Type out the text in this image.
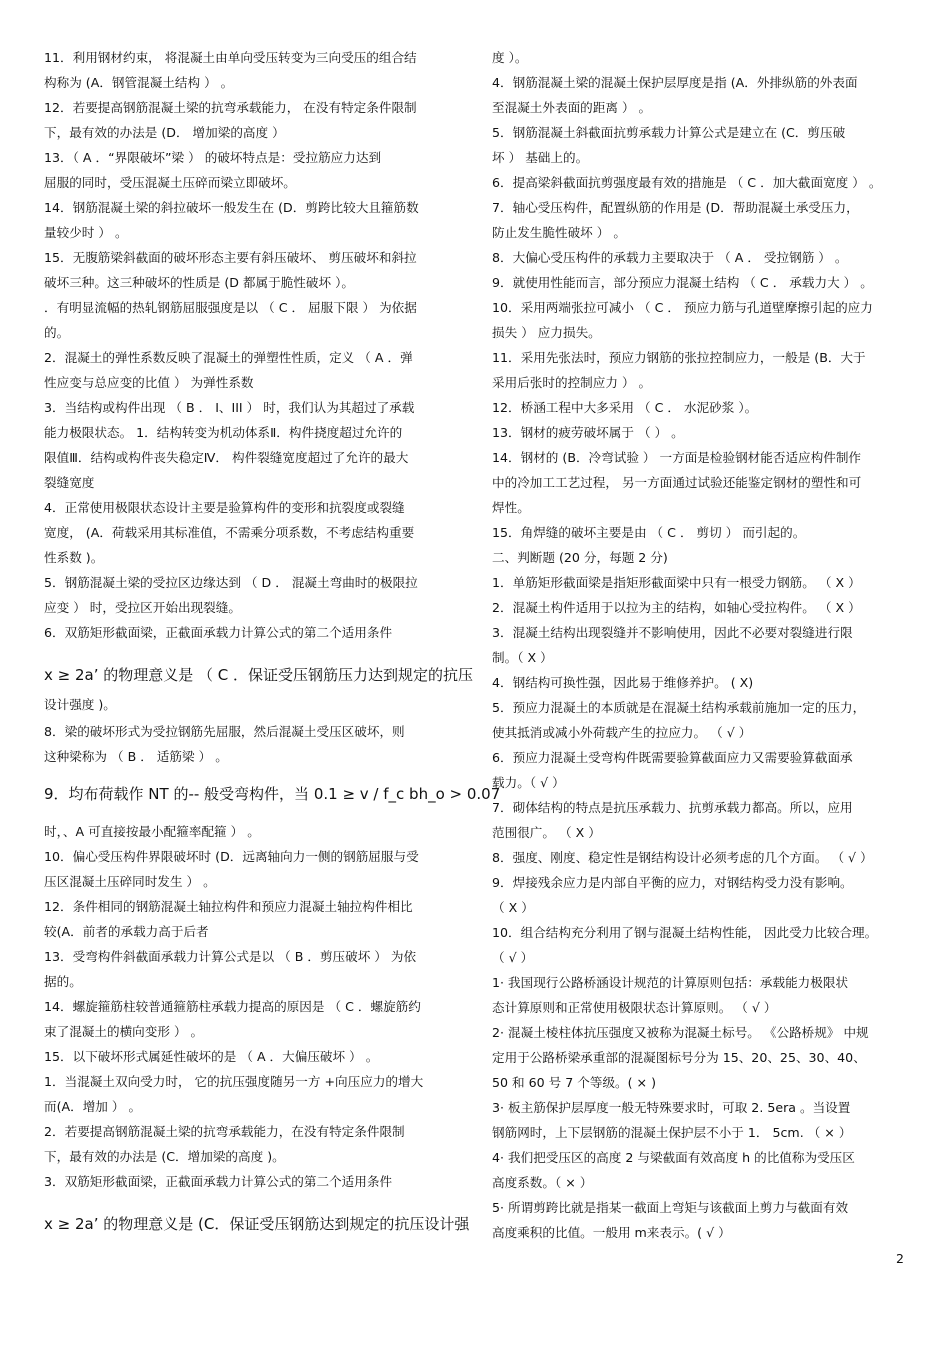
11．利用钢材约束， 将混凝土由单向受压转变为三向受压的组合结
构称为 (A．钢管混凝土结构 ） 。
12．若要提高钢筋混凝土梁的抗弯承载能力， 在没有特定条件限制
下，最有效的办法是 (D． 增加梁的高度 ）
13．（ A ．“界限破坏”梁 ） 的破坏特点是：受拉筋应力达到
屈服的同时，受压混凝土压碎而梁立即破坏。
14．钢筋混凝土梁的斜拉破坏一般发生在 (D．剪跨比较大且箍筋数
量较少时 ） 。
15．无腹筋梁斜截面的破坏形态主要有斜压破坏、 剪压破坏和斜拉
破坏三种。这三种破坏的性质是 (D 都属于脆性破坏 ）。
．有明显流幅的热轧钢筋屈服强度是以 （ C ． 屈服下限 ） 为依据
的。
2．混凝土的弹性系数反映了混凝土的弹塑性性质，定义 （ A ．弹
性应变与总应变的比值 ） 为弹性系数
3．当结构或构件出现 （ B ． I、III ） 时，我们认为其超过了承载
能力极限状态。 1．结构转变为机动体系Ⅱ．构件挠度超过允许的
限值Ⅲ．结构或构件丧失稳定Ⅳ． 构件裂缝宽度超过了允许的最大
裂缝宽度
4．正常使用极限状态设计主要是验算构件的变形和抗裂度或裂缝
宽度， (A．荷载采用其标准值，不需乘分项系数，不考虑结构重要
性系数 )。
5．钢筋混凝土梁的受拉区边缘达到 （ D ． 混凝土弯曲时的极限拉
应变 ） 时，受拉区开始出现裂缝。
6．双筋矩形截面梁，正截面承载力计算公式的第二个适用条件
x ≥ 2a’ 的物理意义是 （ C ．保证受压钢筋压力达到规定的抗压
设计强度 )。
8．梁的破坏形式为受拉钢筋先屈服，然后混凝土受压区破坏，则
这种梁称为 （ B ． 适筋梁 ） 。
9．均布荷载作 NT 的-- 般受弯构件，当 0.1 ≥ v / f_c bh_o > 0.07
时，、A 可直接按最小配箍率配箍 ） 。
10．偏心受压构件界限破坏时 (D．远离轴向力一侧的钢筋屈服与受
压区混凝土压碎同时发生 ） 。
12．条件相同的钢筋混凝土轴拉构件和预应力混凝土轴拉构件相比
较(A．前者的承载力高于后者
13．受弯构件斜截面承载力计算公式是以 （ B ．剪压破坏 ） 为依
据的。
14．螺旋箍筋柱较普通箍筋柱承载力提高的原因是 （ C ．螺旋筋约
束了混凝土的横向变形 ） 。
15．以下破坏形式属延性破坏的是 （ A ．大偏压破坏 ） 。
1．当混凝土双向受力时， 它的抗压强度随另一方 +向压应力的增大
而(A．增加 ） 。
2．若要提高钢筋混凝土梁的抗弯承载能力，在没有特定条件限制
下，最有效的办法是 (C．增加梁的高度 )。
3．双筋矩形截面梁，正截面承载力计算公式的第二个适用条件
x ≥ 2a’ 的物理意义是 (C．保证受压钢筋达到规定的抗压设计强
度 ）。
4．钢筋混凝土梁的混凝土保护层厚度是指 (A．外排纵筋的外表面
至混凝土外表面的距离 ） 。
5．钢筋混凝土斜截面抗剪承载力计算公式是建立在 (C．剪压破
坏 ） 基础上的。
6．提高梁斜截面抗剪强度最有效的措施是 （ C ．加大截面宽度 ） 。
7．轴心受压构件，配置纵筋的作用是 (D．帮助混凝土承受压力，
防止发生脆性破坏 ） 。
8．大偏心受压构件的承载力主要取决于 （ A ． 受拉钢筋 ） 。
9．就使用性能而言，部分预应力混凝土结构 （ C ． 承载力大 ） 。
10．采用两端张拉可减小 （ C ． 预应力筋与孔道壁摩擦引起的应力
损失 ） 应力损失。
11．采用先张法时，预应力钢筋的张拉控制应力，一般是 (B．大于
采用后张时的控制应力 ） 。
12．桥涵工程中大多采用 （ C ． 水泥砂浆 ）。
13．钢材的疲劳破坏属于 （ ） 。
14．钢材的 (B．冷弯试验 ） 一方面是检验钢材能否适应构件制作
中的冷加工工艺过程， 另一方面通过试验还能鉴定钢材的塑性和可
焊性。
15．角焊缝的破坏主要是由 （ C ． 剪切 ） 而引起的。
二、判断题 (20 分，每题 2 分)
1．单筋矩形截面梁是指矩形截面梁中只有一根受力钢筋。 （ X ）
2．混凝土构件适用于以拉为主的结构，如轴心受拉构件。 （ X ）
3．混凝土结构出现裂缝并不影响使用，因此不必要对裂缝进行限
制。（ X ）
4．钢结构可换性强，因此易于维修养护。 ( X)
5．预应力混凝土的本质就是在混凝土结构承载前施加一定的压力，
使其抵消或减小外荷载产生的拉应力。 （ √ ）
6．预应力混凝土受弯构件既需要验算截面应力又需要验算截面承
载力。（ √ ）
7．砌体结构的特点是抗压承载力、抗剪承载力都高。所以，应用
范围很广。 （ X ）
8．强度、刚度、稳定性是钢结构设计必须考虑的几个方面。 （ √ ）
9．焊接残余应力是内部自平衡的应力，对钢结构受力没有影响。
（ X ）
10．组合结构充分利用了钢与混凝土结构性能， 因此受力比较合理。
（ √ ）
1· 我国现行公路桥涵设计规范的计算原则包括：承载能力极限状
态计算原则和正常使用极限状态计算原则。 （ √ ）
2· 混凝土棱柱体抗压强度又被称为混凝土标号。 《公路桥规》 中规
定用于公路桥梁承重部的混凝图标号分为 15、20、25、30、40、
50 和 60 号 7 个等级。( × )
3· 板主筋保护层厚度一般无特殊要求时，可取 2. 5era 。当设置
钢筋网时，上下层钢筋的混凝土保护层不小于 1． 5cm. （ × ）
4· 我们把受压区的高度 2 与梁截面有效高度 h 的比值称为受压区
高度系数。（ × ）
5· 所谓剪跨比就是指某一截面上弯矩与该截面上剪力与截面有效
高度乘积的比值。一般用 m来表示。( √ ）
2
